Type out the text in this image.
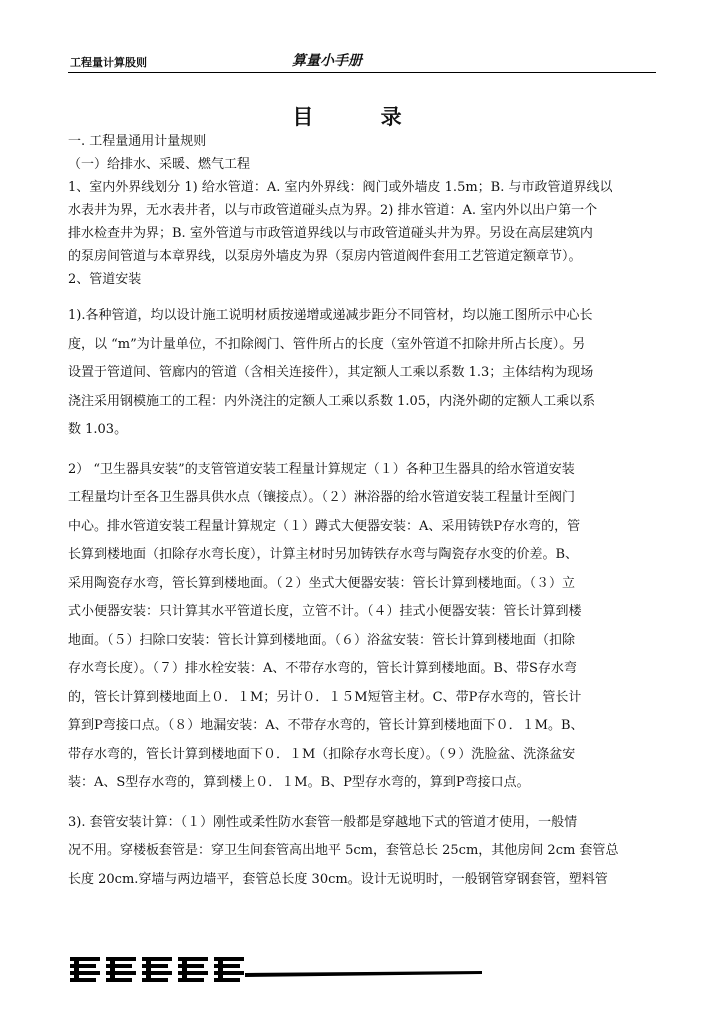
工程量计算股则	算量小手册
目 录
一. 工程量通用计量规则
（一）给排水、采暖、燃气工程
1、室内外界线划分 1) 给水管道：A. 室内外界线：阀门或外墙皮 1.5m；B. 与市政管道界线以
水表井为界，无水表井者，以与市政管道碰头点为界。2) 排水管道：A. 室内外以出户第一个
排水检查井为界；B. 室外管道与市政管道界线以与市政管道碰头井为界。另设在高层建筑内
的泵房间管道与本章界线，以泵房外墙皮为界（泵房内管道阀件套用工艺管道定额章节）。
2、管道安装
1).各种管道，均以设计施工说明材质按递增或递减步距分不同管材，均以施工图所示中心长
度，以 “m”为计量单位，不扣除阀门、管件所占的长度（室外管道不扣除井所占长度）。另
设置于管道间、管廊内的管道（含相关连接件），其定额人工乘以系数 1.3；主体结构为现场
浇注采用钢模施工的工程：内外浇注的定额人工乘以系数 1.05，内浇外砌的定额人工乘以系
数 1.03。
2） “卫生器具安装”的支管管道安装工程量计算规定（１）各种卫生器具的给水管道安装
工程量均计至各卫生器具供水点（镶接点）。（２）淋浴器的给水管道安装工程量计至阀门
中心。排水管道安装工程量计算规定（１）蹲式大便器安装：A、采用铸铁P存水弯的，管
长算到楼地面（扣除存水弯长度），计算主材时另加铸铁存水弯与陶瓷存水变的价差。B、
采用陶瓷存水弯，管长算到楼地面。（２）坐式大便器安装：管长计算到楼地面。（３）立
式小便器安装：只计算其水平管道长度，立管不计。（４）挂式小便器安装：管长计算到楼
地面。（５）扫除口安装：管长计算到楼地面。（６）浴盆安装：管长计算到楼地面（扣除
存水弯长度）。（７）排水栓安装：A、不带存水弯的，管长计算到楼地面。B、带S存水弯
的，管长计算到楼地面上０．１M；另计０．１５M短管主材。C、带P存水弯的，管长计
算到P弯接口点。（８）地漏安装：A、不带存水弯的，管长计算到楼地面下０．１M。B、
带存水弯的，管长计算到楼地面下０．１M（扣除存水弯长度）。（９）洗脸盆、洗涤盆安
装：A、S型存水弯的，算到楼上０．１M。B、P型存水弯的，算到P弯接口点。
3). 套管安装计算：（１）刚性或柔性防水套管一般都是穿越地下式的管道才使用，一般情
况不用。穿楼板套管是：穿卫生间套管高出地平 5cm，套管总长 25cm，其他房间 2cm 套管总
长度 20cm.穿墙与两边墙平，套管总长度 30cm。设计无说明时，一般钢管穿钢套管，塑料管
